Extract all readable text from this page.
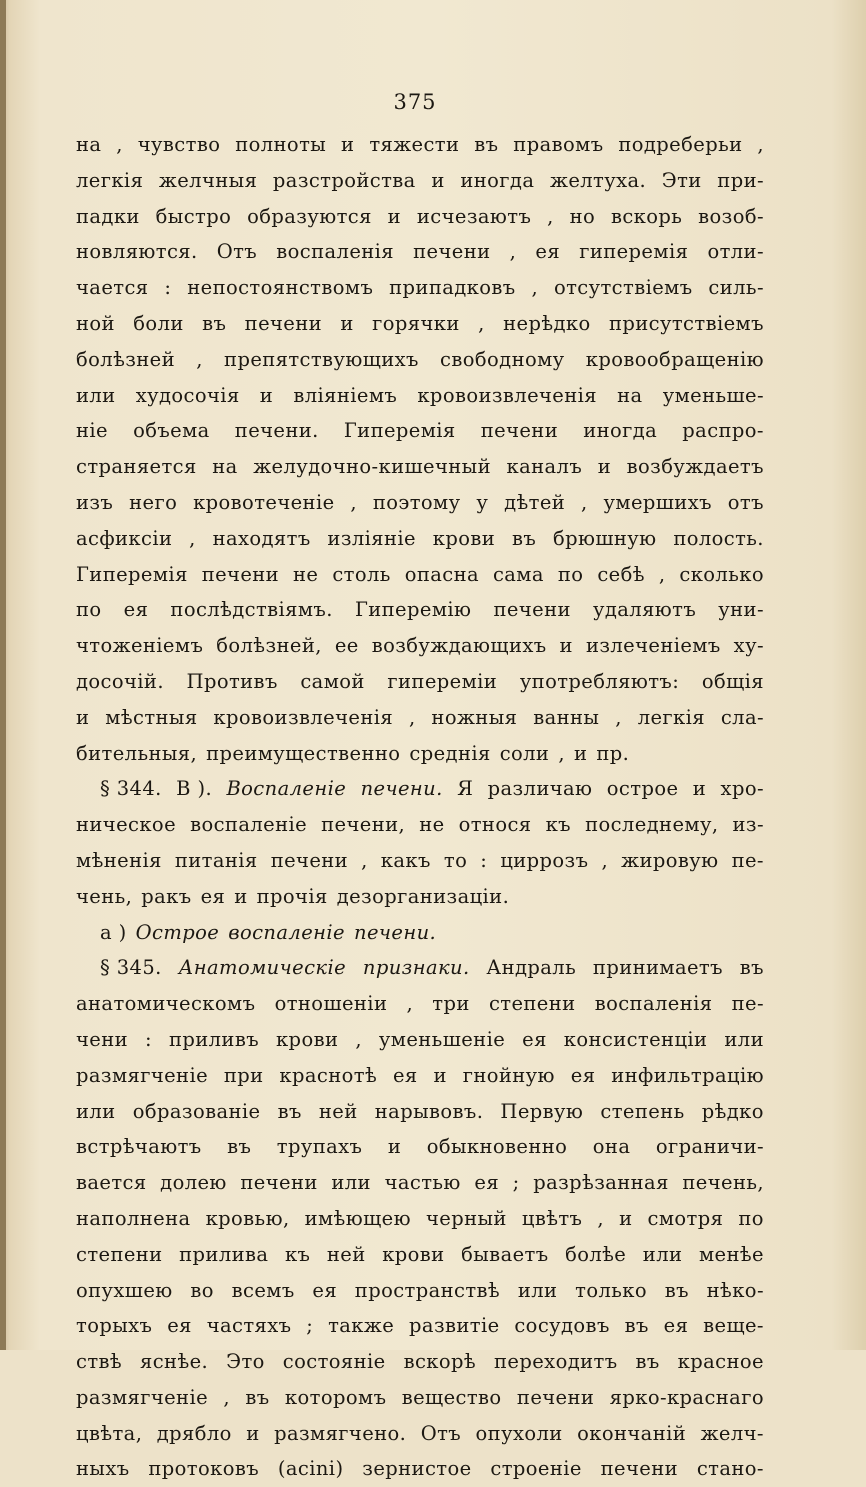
375
на , чувство полноты и тяжести въ правомъ подреберьи ,
легкія желчныя разстройства и иногда желтуха. Эти при-
падки быстро образуются и исчезаютъ , но вскорь возоб-
новляются. Отъ воспаленія печени , ея гиперемія отли-
чается : непостоянствомъ припадковъ , отсутствіемъ силь-
ной боли въ печени и горячки , нерѣдко присутствіемъ
болѣзней , препятствующихъ свободному кровообращенію
или худосочія и вліяніемъ кровоизвлеченія на уменьше-
ніе объема печени. Гиперемія печени иногда распро-
страняется на желудочно-кишечный каналъ и возбуждаетъ
изъ него кровотеченіе , поэтому у дѣтей , умершихъ отъ
асфиксіи , находятъ изліяніе крови въ брюшную полость.
Гиперемія печени не столь опасна сама по себѣ , сколько
по ея послѣдствіямъ. Гиперемію печени удаляютъ уни-
чтоженіемъ болѣзней, ее возбуждающихъ и излеченіемъ ху-
досочій. Противъ самой гипереміи употребляютъ: общія
и мѣстныя кровоизвлеченія , ножныя ванны , легкія сла-
бительныя, преимущественно среднія соли , и пр.
§ 344. В ). Воспаленіе печени. Я различаю острое и хро-
ническое воспаленіе печени, не относя къ последнему, из-
мѣненія питанія печени , какъ то : циррозъ , жировую пе-
чень, ракъ ея и прочія дезорганизаціи.
а ) Острое воспаленіе печени.
§ 345. Анатомическіе признаки. Андраль принимаетъ въ
анатомическомъ отношеніи , три степени воспаленія пе-
чени : приливъ крови , уменьшеніе ея консистенціи или
размягченіе при краснотѣ ея и гнойную ея инфильтрацію
или образованіе въ ней нарывовъ. Первую степень рѣдко
встрѣчаютъ въ трупахъ и обыкновенно она ограничи-
вается долею печени или частью ея ; разрѣзанная печень,
наполнена кровью, имѣющею черный цвѣтъ , и смотря по
степени прилива къ ней крови бываетъ болѣе или менѣе
опухшею во всемъ ея пространствѣ или только въ нѣко-
торыхъ ея частяхъ ; также развитіе сосудовъ въ ея веще-
ствѣ яснѣе. Это состояніе вскорѣ переходитъ въ красное
размягченіе , въ которомъ вещество печени ярко-краснаго
цвѣта, дрябло и размягчено. Отъ опухоли окончаній желч-
ныхъ протоковъ (acini) зернистое строеніе печени стано-
